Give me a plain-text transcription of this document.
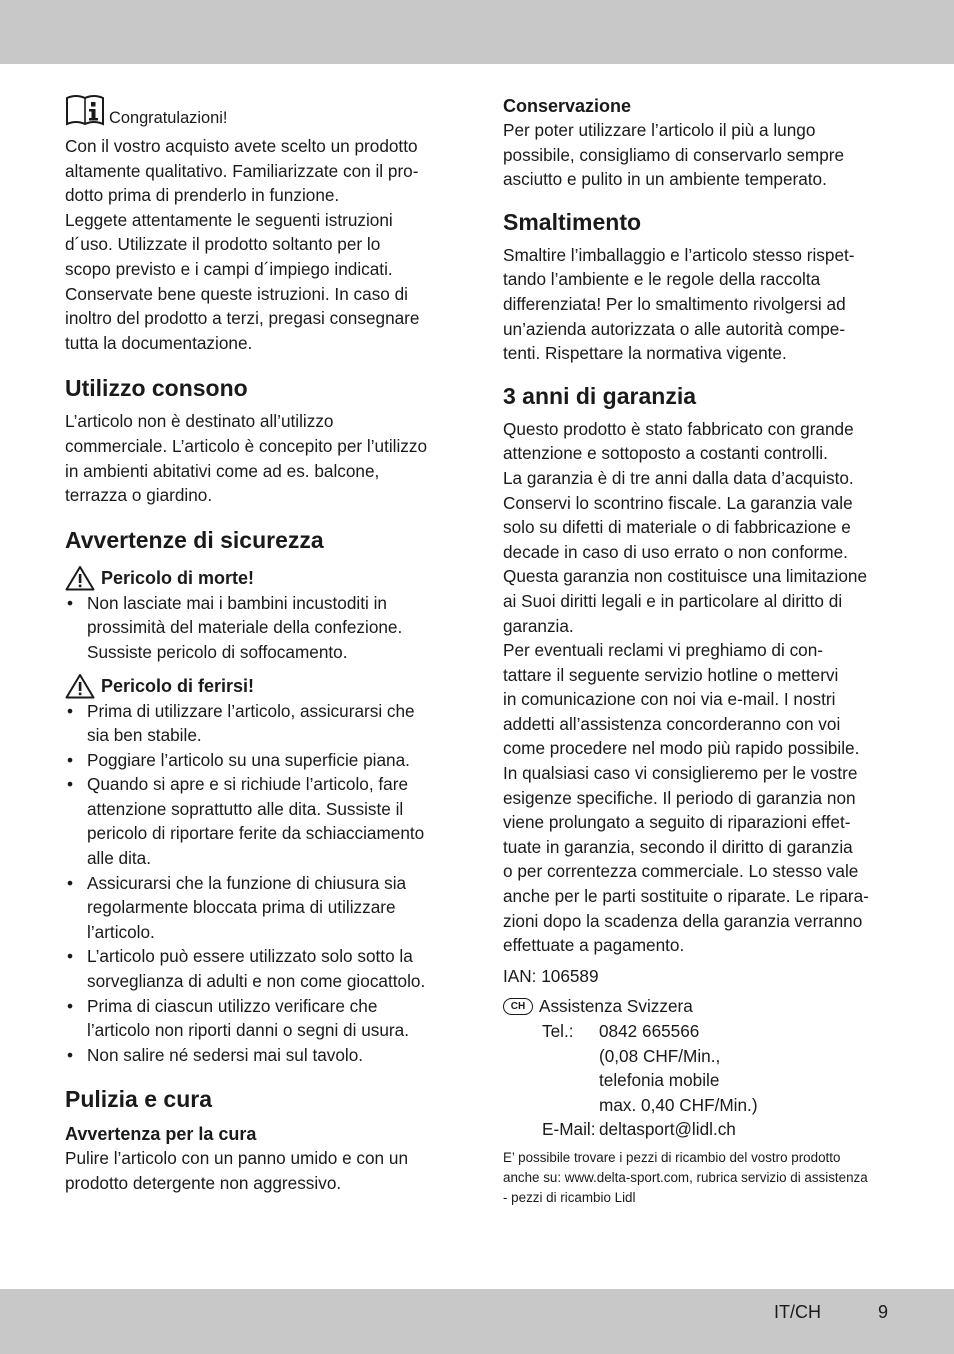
Congratulazioni!

Con il vostro acquisto avete scelto un prodotto

altamente qualitativo. Familiarizzate con il pro-

dotto prima di prenderlo in funzione.

Leggete attentamente le seguenti istruzioni

d´uso. Utilizzate il prodotto soltanto per lo

scopo previsto e i campi d´impiego indicati.

Conservate bene queste istruzioni. In caso di

inoltro del prodotto a terzi, pregasi consegnare

tutta la documentazione.

Utilizzo consono

L’articolo non è destinato all’utilizzo

commerciale. L’articolo è concepito per l’utilizzo

in ambienti abitativi come ad es. balcone,

terrazza o giardino.

Avvertenze di sicurezza
Pericolo di morte!
• Non lasciate mai i bambini incustoditi in
prossimità del materiale della confezione.
Sussiste pericolo di soffocamento.
Pericolo di ferirsi!
• Prima di utilizzare l’articolo, assicurarsi che
sia ben stabile.
• Poggiare l’articolo su una superficie piana.
• Quando si apre e si richiude l’articolo, fare
attenzione soprattutto alle dita. Sussiste il
pericolo di riportare ferite da schiacciamento
alle dita.
• Assicurarsi che la funzione di chiusura sia
regolarmente bloccata prima di utilizzare
l’articolo.
• L’articolo può essere utilizzato solo sotto la
sorveglianza di adulti e non come giocattolo.
• Prima di ciascun utilizzo verificare che
l’articolo non riporti danni o segni di usura.
• Non salire né sedersi mai sul tavolo.
Pulizia e cura
Avvertenza per la cura

Pulire l’articolo con un panno umido e con un

prodotto detergente non aggressivo.

Conservazione

Per poter utilizzare l’articolo il più a lungo

possibile, consigliamo di conservarlo sempre

asciutto e pulito in un ambiente temperato.

Smaltimento

Smaltire l’imballaggio e l’articolo stesso rispet-

tando l’ambiente e le regole della raccolta

differenziata! Per lo smaltimento rivolgersi ad

un’azienda autorizzata o alle autorità compe-

tenti. Rispettare la normativa vigente.

3 anni di garanzia

Questo prodotto è stato fabbricato con grande

attenzione e sottoposto a costanti controlli.

La garanzia è di tre anni dalla data d’acquisto.

Conservi lo scontrino fiscale. La garanzia vale

solo su difetti di materiale o di fabbricazione e

decade in caso di uso errato o non conforme.

Questa garanzia non costituisce una limitazione

ai Suoi diritti legali e in particolare al diritto di

garanzia.

Per eventuali reclami vi preghiamo di con-

tattare il seguente servizio hotline o mettervi

in comunicazione con noi via e-mail. I nostri

addetti all’assistenza concorderanno con voi

come procedere nel modo più rapido possibile.

In qualsiasi caso vi consiglieremo per le vostre

esigenze specifiche. Il periodo di garanzia non

viene prolungato a seguito di riparazioni effet-

tuate in garanzia, secondo il diritto di garanzia

o per correntezza commerciale. Lo stesso vale

anche per le parti sostituite o riparate. Le ripara-

zioni dopo la scadenza della garanzia verranno

effettuate a pagamento.

IAN: 106589

CH Assistenza Svizzera
Tel.:	0842 665566
(0,08 CHF/Min.,
telefonia mobile
max. 0,40 CHF/Min.)
E-Mail: deltasport@lidl.ch
E’ possibile trovare i pezzi di ricambio del vostro prodotto
anche su: www.delta-sport.com, rubrica servizio di assistenza
- pezzi di ricambio Lidl
IT/CH	9
